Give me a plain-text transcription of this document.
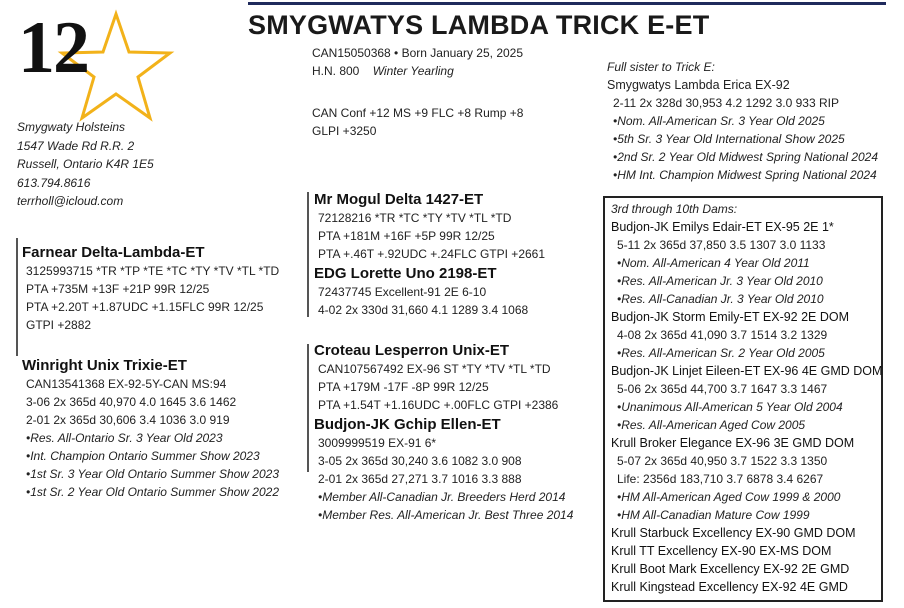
12	SMYGWATYS LAMBDA TRICK E-ET
Smygwaty Holsteins
1547 Wade Rd R.R. 2
Russell, Ontario K4R 1E5
613.794.8616
terrholl@icloud.com
CAN15050368 • Born January 25, 2025
H.N. 800 Winter Yearling
CAN Conf +12 MS +9 FLC +8 Rump +8
GLPI +3250
Farnear Delta-Lambda-ET
3125993715 *TR *TP *TE *TC *TY *TV *TL *TD
PTA +735M +13F +21P 99R 12/25
PTA +2.20T +1.87UDC +1.15FLC 99R 12/25
GTPI +2882
Winright Unix Trixie-ET
CAN13541368 EX-92-5Y-CAN MS:94
3-06 2x 365d 40,970 4.0 1645 3.6 1462
2-01 2x 365d 30,606 3.4 1036 3.0 919
•Res. All-Ontario Sr. 3 Year Old 2023
•Int. Champion Ontario Summer Show 2023
•1st Sr. 3 Year Old Ontario Summer Show 2023
•1st Sr. 2 Year Old Ontario Summer Show 2022
Mr Mogul Delta 1427-ET
72128216 *TR *TC *TY *TV *TL *TD
PTA +181M +16F +5P 99R 12/25
PTA +.46T +.92UDC +.24FLC GTPI +2661
EDG Lorette Uno 2198-ET
72437745 Excellent-91 2E 6-10
4-02 2x 330d 31,660 4.1 1289 3.4 1068
Croteau Lesperron Unix-ET
CAN107567492 EX-96 ST *TY *TV *TL *TD
PTA +179M -17F -8P 99R 12/25
PTA +1.54T +1.16UDC +.00FLC GTPI +2386
Budjon-JK Gchip Ellen-ET
3009999519 EX-91 6*
3-05 2x 365d 30,240 3.6 1082 3.0 908
2-01 2x 365d 27,271 3.7 1016 3.3 888
•Member All-Canadian Jr. Breeders Herd 2014
•Member Res. All-American Jr. Best Three 2014
Full sister to Trick E:
Smygwatys Lambda Erica EX-92
2-11 2x 328d 30,953 4.2 1292 3.0 933 RIP
•Nom. All-American Sr. 3 Year Old 2025
•5th Sr. 3 Year Old International Show 2025
•2nd Sr. 2 Year Old Midwest Spring National 2024
•HM Int. Champion Midwest Spring National 2024
3rd through 10th Dams:
Budjon-JK Emilys Edair-ET EX-95 2E 1*
5-11 2x 365d 37,850 3.5 1307 3.0 1133
•Nom. All-American 4 Year Old 2011
•Res. All-American Jr. 3 Year Old 2010
•Res. All-Canadian Jr. 3 Year Old 2010
Budjon-JK Storm Emily-ET EX-92 2E DOM
4-08 2x 365d 41,090 3.7 1514 3.2 1329
•Res. All-American Sr. 2 Year Old 2005
Budjon-JK Linjet Eileen-ET EX-96 4E GMD DOM
5-06 2x 365d 44,700 3.7 1647 3.3 1467
•Unanimous All-American 5 Year Old 2004
•Res. All-American Aged Cow 2005
Krull Broker Elegance EX-96 3E GMD DOM
5-07 2x 365d 40,950 3.7 1522 3.3 1350
Life: 2356d 183,710 3.7 6878 3.4 6267
•HM All-American Aged Cow 1999 & 2000
•HM All-Canadian Mature Cow 1999
Krull Starbuck Excellency EX-90 GMD DOM
Krull TT Excellency EX-90 EX-MS DOM
Krull Boot Mark Excellency EX-92 2E GMD
Krull Kingstead Excellency EX-92 4E GMD
